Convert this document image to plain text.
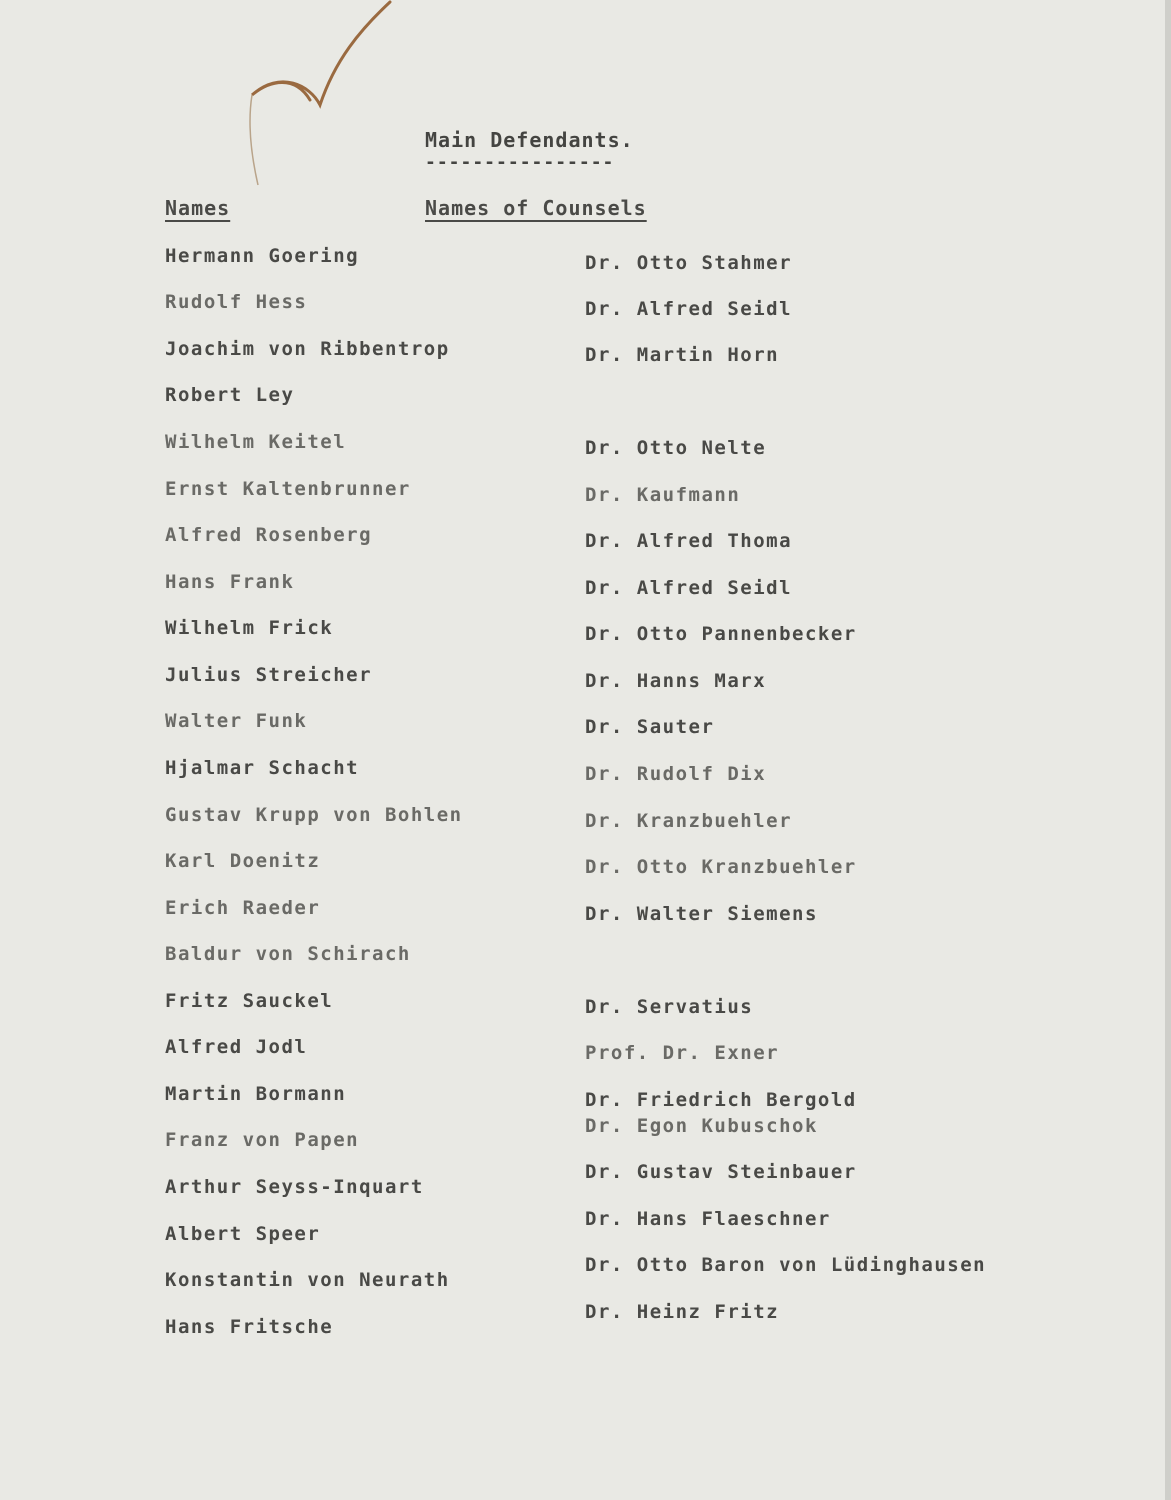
Main Defendants.
----------------
Names	Names of Counsels
Hermann Goering
Rudolf Hess
Joachim von Ribbentrop
Robert Ley
Wilhelm Keitel
Ernst Kaltenbrunner
Alfred Rosenberg
Hans Frank
Wilhelm Frick
Julius Streicher
Walter Funk
Hjalmar Schacht
Gustav Krupp von Bohlen
Karl Doenitz
Erich Raeder
Baldur von Schirach
Fritz Sauckel
Alfred Jodl
Martin Bormann
Franz von Papen
Arthur Seyss-Inquart
Albert Speer
Konstantin von Neurath
Hans Fritsche
Dr. Otto Stahmer
Dr. Alfred Seidl
Dr. Martin Horn
Dr. Otto Nelte
Dr. Kaufmann
Dr. Alfred Thoma
Dr. Alfred Seidl
Dr. Otto Pannenbecker
Dr. Hanns Marx
Dr. Sauter
Dr. Rudolf Dix
Dr. Kranzbuehler
Dr. Otto Kranzbuehler
Dr. Walter Siemens
Dr. Servatius
Prof. Dr. Exner
Dr. Friedrich Bergold
Dr. Egon Kubuschok
Dr. Gustav Steinbauer
Dr. Hans Flaeschner
Dr. Otto Baron von Lüdinghausen
Dr. Heinz Fritz
